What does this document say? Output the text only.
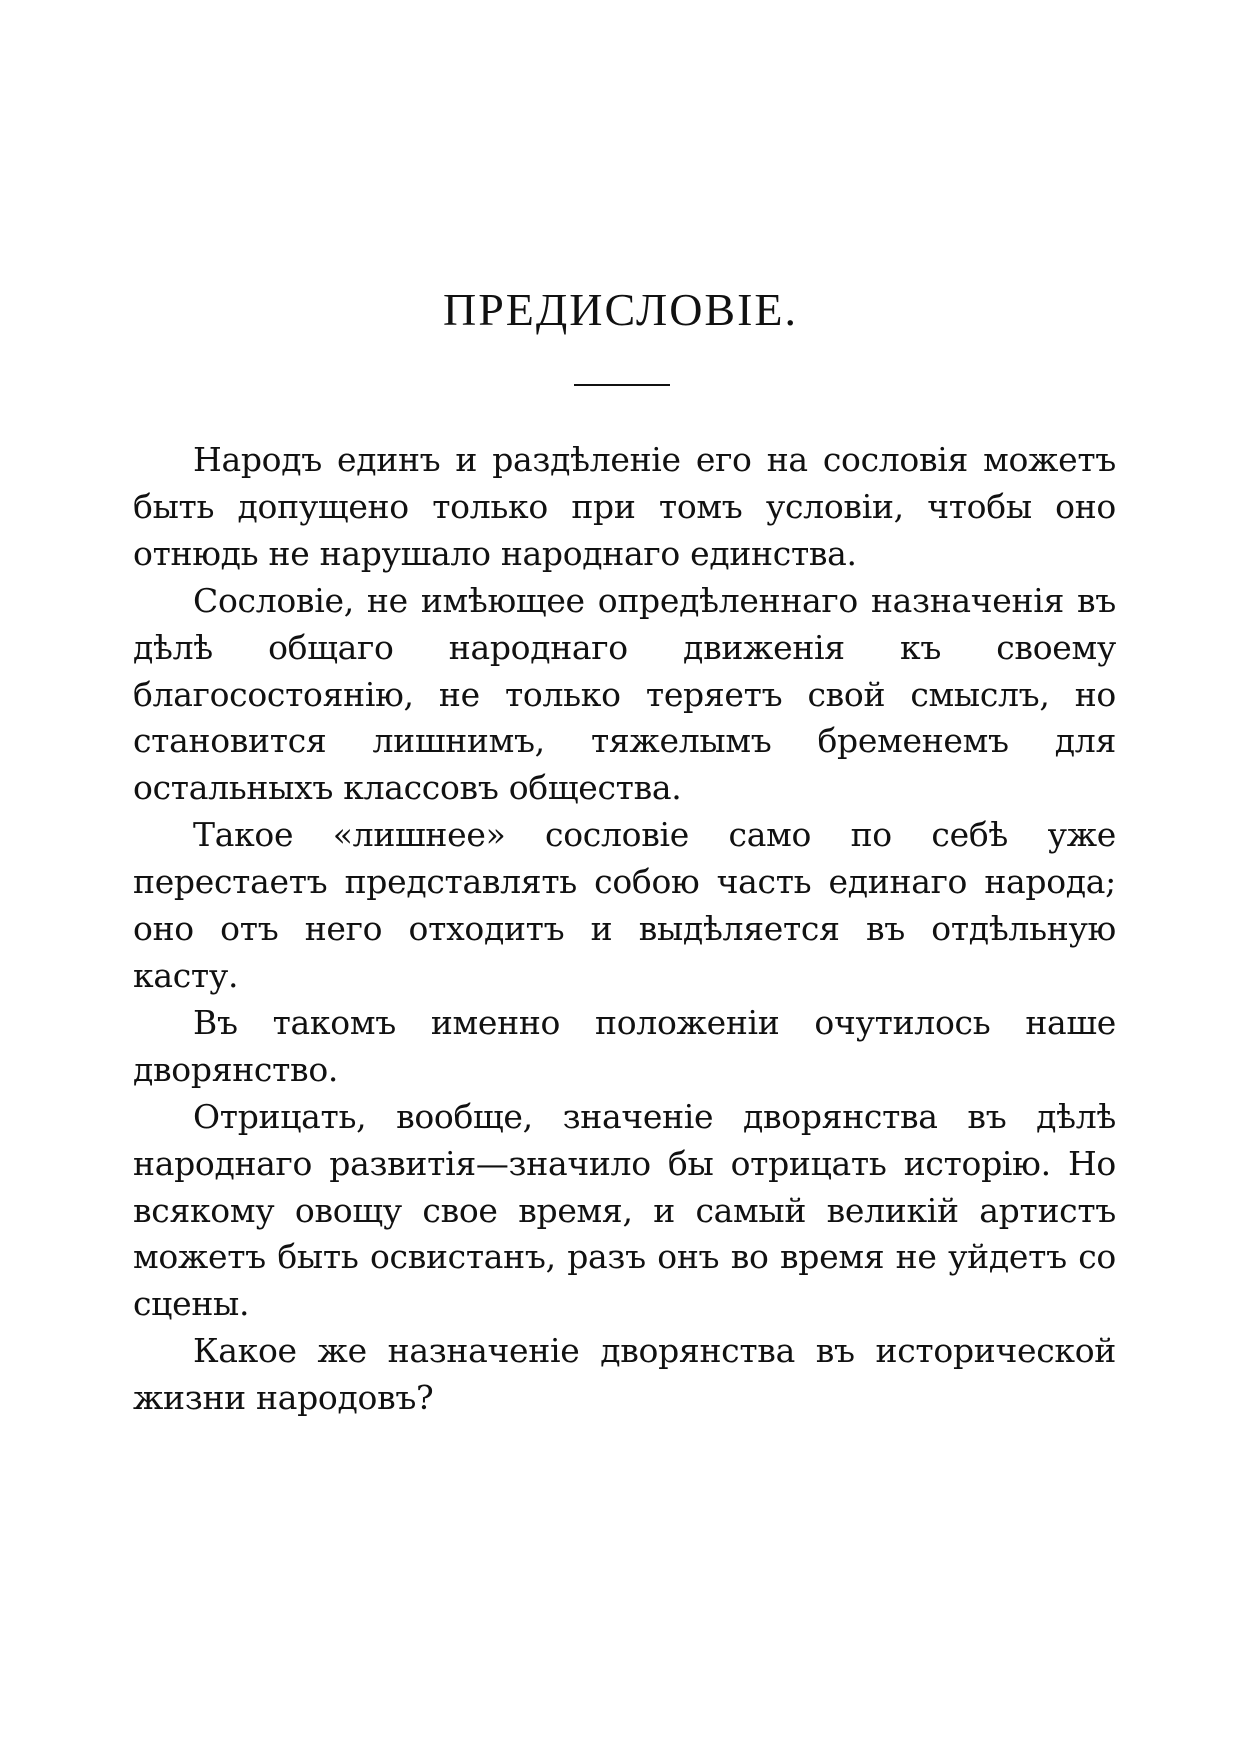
ПРЕДИСЛОВІЕ.

Народъ единъ и раздѣленіе его на сословія можетъ быть допущено только при томъ условіи, чтобы оно отнюдь не нарушало народнаго единства.

Сословіе, не имѣющее опредѣленнаго назначенія въ дѣлѣ общаго народнаго движенія къ своему благосостоянію, не только теряетъ свой смыслъ, но становится лишнимъ, тяжелымъ бременемъ для остальныхъ классовъ общества.

Такое «лишнее» сословіе само по себѣ уже перестаетъ представлять собою часть единаго народа; оно отъ него отходитъ и выдѣляется въ отдѣльную касту.

Въ такомъ именно положеніи очутилось наше дворянство.

Отрицать, вообще, значеніе дворянства въ дѣлѣ народнаго развитія—значило бы отрицать исторію. Но всякому овощу свое время, и самый великій артистъ можетъ быть освистанъ, разъ онъ во время не уйдетъ со сцены.

Какое же назначеніе дворянства въ исторической жизни народовъ?
